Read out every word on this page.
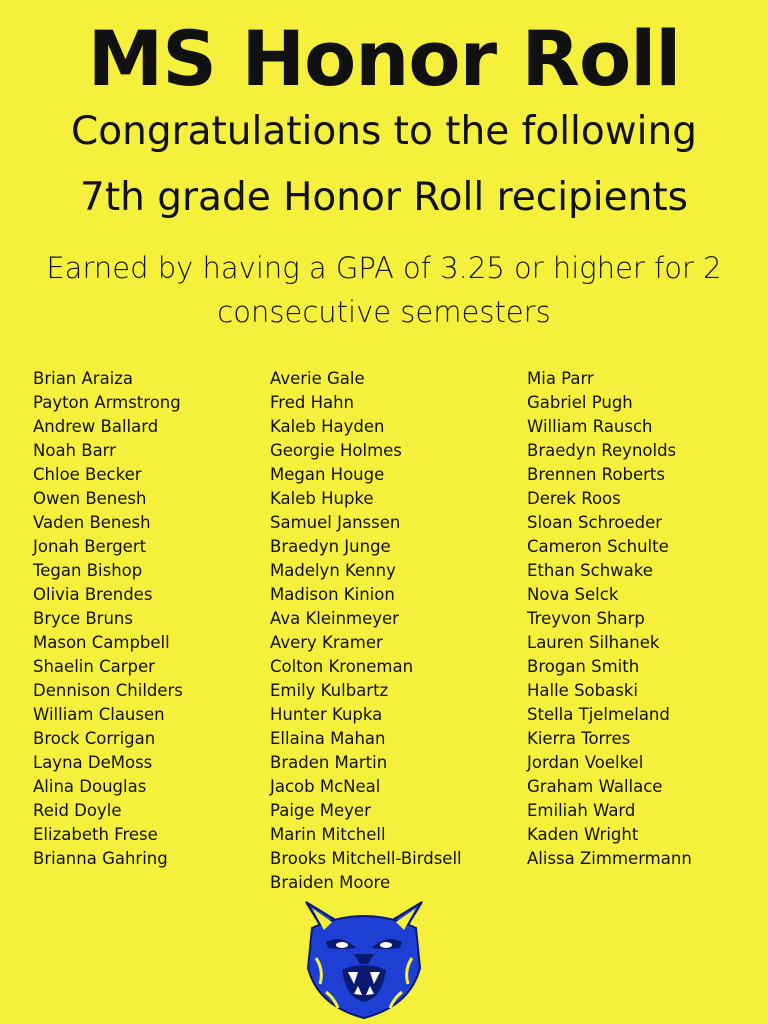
MS Honor Roll
Congratulations to the following
7th grade Honor Roll recipients
Earned by having a GPA of 3.25 or higher for 2
consecutive semesters
Brian Araiza
Payton Armstrong
Andrew Ballard
Noah Barr
Chloe Becker
Owen Benesh
Vaden Benesh
Jonah Bergert
Tegan Bishop
Olivia Brendes
Bryce Bruns
Mason Campbell
Shaelin Carper
Dennison Childers
William Clausen
Brock Corrigan
Layna DeMoss
Alina Douglas
Reid Doyle
Elizabeth Frese
Brianna Gahring
Averie Gale
Fred Hahn
Kaleb Hayden
Georgie Holmes
Megan Houge
Kaleb Hupke
Samuel Janssen
Braedyn Junge
Madelyn Kenny
Madison Kinion
Ava Kleinmeyer
Avery Kramer
Colton Kroneman
Emily Kulbartz
Hunter Kupka
Ellaina Mahan
Braden Martin
Jacob McNeal
Paige Meyer
Marin Mitchell
Brooks Mitchell-Birdsell
Braiden Moore
Mia Parr
Gabriel Pugh
William Rausch
Braedyn Reynolds
Brennen Roberts
Derek Roos
Sloan Schroeder
Cameron Schulte
Ethan Schwake
Nova Selck
Treyvon Sharp
Lauren Silhanek
Brogan Smith
Halle Sobaski
Stella Tjelmeland
Kierra Torres
Jordan Voelkel
Graham Wallace
Emiliah Ward
Kaden Wright
Alissa Zimmermann
